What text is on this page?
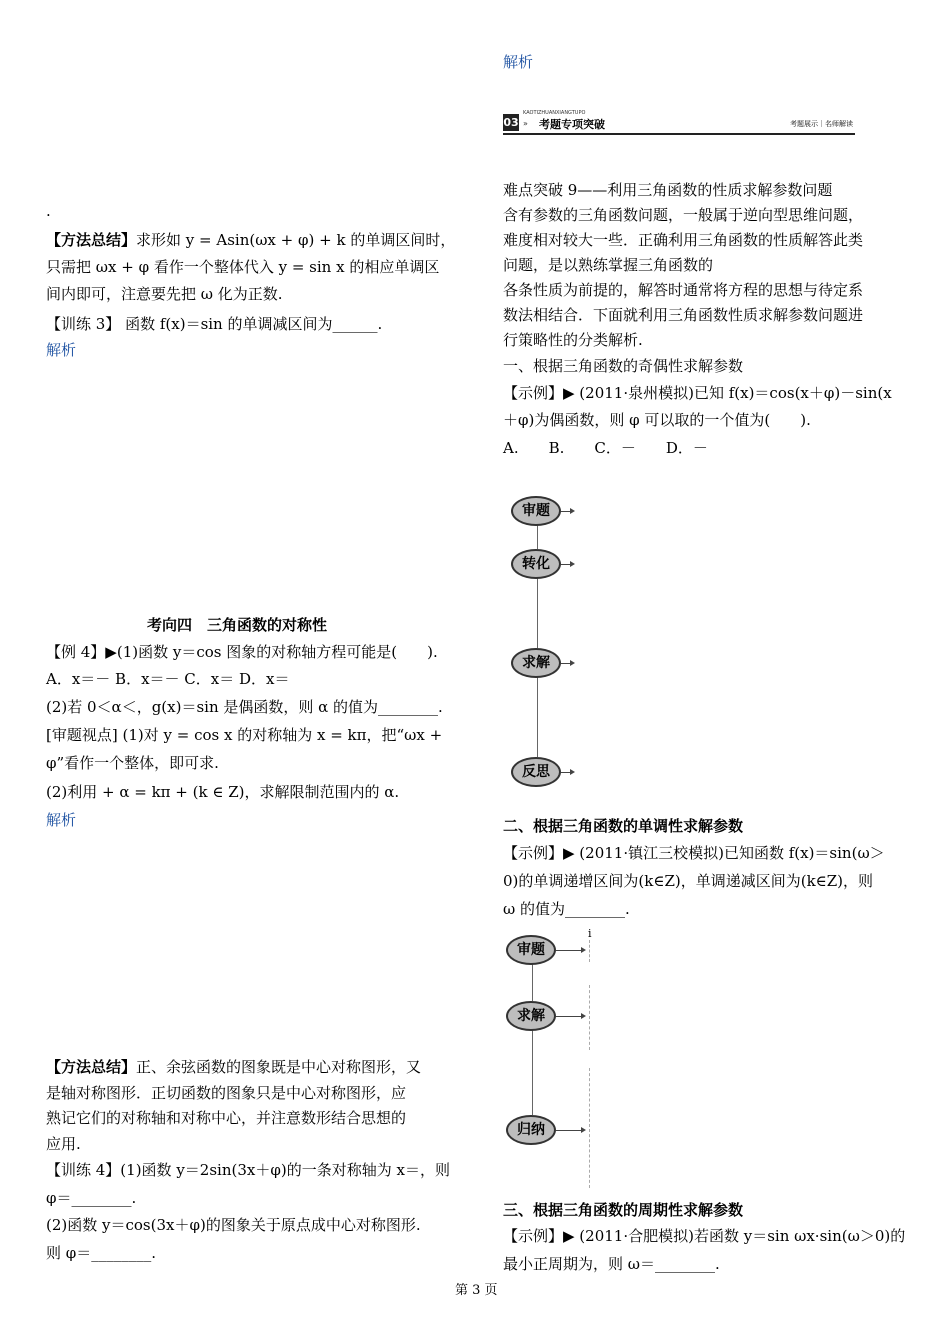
.
【方法总结】求形如 y = Asin(ωx + φ) + k 的单调区间时，
只需把 ωx + φ 看作一个整体代入 y = sin x 的相应单调区
间内即可，注意要先把 ω 化为正数.
【训练 3】 函数 f(x)＝sin 的单调减区间为______.
解析
考向四　三角函数的对称性
【例 4】▶(1)函数 y＝cos 图象的对称轴方程可能是(　　).
A．x＝－ B．x＝－ C．x＝ D．x＝
(2)若 0＜α＜，g(x)＝sin 是偶函数，则 α 的值为________.
[审题视点] (1)对 y = cos x 的对称轴为 x = kπ，把“ωx +
φ”看作一个整体，即可求.
(2)利用 + α = kπ + (k ∈ Z)，求解限制范围内的 α.
解析
【方法总结】正、余弦函数的图象既是中心对称图形，又
是轴对称图形．正切函数的图象只是中心对称图形，应
熟记它们的对称轴和对称中心，并注意数形结合思想的
应用.
【训练 4】(1)函数 y＝2sin(3x＋φ)的一条对称轴为 x＝，则
φ＝________.
(2)函数 y＝cos(3x＋φ)的图象关于原点成中心对称图形.
则 φ＝________.
解析
03
KAOTIZHUANXIANGTUPO
» 考题专项突破	考题展示｜名师解读
难点突破 9——利用三角函数的性质求解参数问题
含有参数的三角函数问题，一般属于逆向型思维问题，
难度相对较大一些．正确利用三角函数的性质解答此类
问题，是以熟练掌握三角函数的
各条性质为前提的，解答时通常将方程的思想与待定系
数法相结合．下面就利用三角函数性质求解参数问题进
行策略性的分类解析.
一、根据三角函数的奇偶性求解参数
【示例】▶ (2011·泉州模拟)已知 f(x)＝cos(x＋φ)－sin(x
＋φ)为偶函数，则 φ 可以取的一个值为(　　).
A.　　B.　　C．－　　D．－
审题
转化
求解
反思
二、根据三角函数的单调性求解参数
【示例】▶ (2011·镇江三校模拟)已知函数 f(x)＝sin(ω＞
0)的单调递增区间为(k∈Z)，单调递减区间为(k∈Z)，则
ω 的值为________.
审题
求解
归纳
i
三、根据三角函数的周期性求解参数
【示例】▶ (2011·合肥模拟)若函数 y＝sin ωx·sin(ω＞0)的
最小正周期为，则 ω＝________.
第 3 页
